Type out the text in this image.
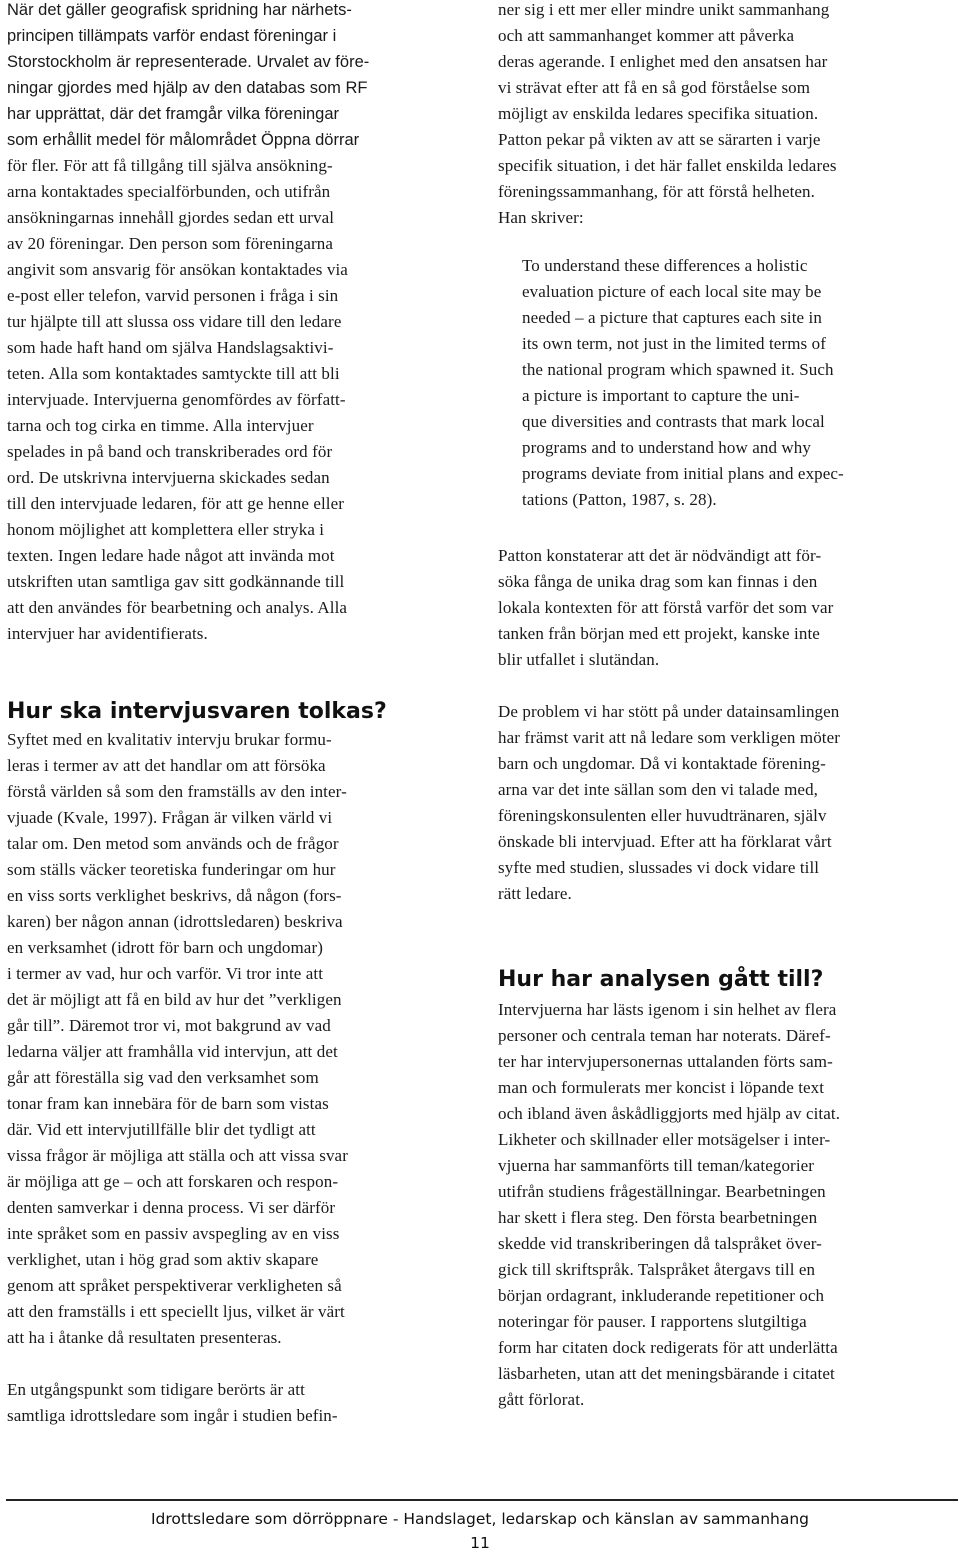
När det gäller geografisk spridning har närhets-
principen tillämpats varför endast föreningar i
Storstockholm är representerade. Urvalet av före-
ningar gjordes med hjälp av den databas som RF
har upprättat, där det framgår vilka föreningar
som erhållit medel för målområdet Öppna dörrar
för fler. För att få tillgång till själva ansökning-
arna kontaktades specialförbunden, och utifrån
ansökningarnas innehåll gjordes sedan ett urval
av 20 föreningar. Den person som föreningarna
angivit som ansvarig för ansökan kontaktades via
e-post eller telefon, varvid personen i fråga i sin
tur hjälpte till att slussa oss vidare till den ledare
som hade haft hand om själva Handslagsaktivi-
teten. Alla som kontaktades samtyckte till att bli
intervjuade. Intervjuerna genomfördes av författ-
tarna och tog cirka en timme. Alla intervjuer
spelades in på band och transkriberades ord för
ord. De utskrivna intervjuerna skickades sedan
till den intervjuade ledaren, för att ge henne eller
honom möjlighet att komplettera eller stryka i
texten. Ingen ledare hade något att invända mot
utskriften utan samtliga gav sitt godkännande till
att den användes för bearbetning och analys. Alla
intervjuer har avidentifierats.
Hur ska intervjusvaren tolkas?
Syftet med en kvalitativ intervju brukar formu-
leras i termer av att det handlar om att försöka
förstå världen så som den framställs av den inter-
vjuade (Kvale, 1997). Frågan är vilken värld vi
talar om. Den metod som används och de frågor
som ställs väcker teoretiska funderingar om hur
en viss sorts verklighet beskrivs, då någon (fors-
karen) ber någon annan (idrottsledaren) beskriva
en verksamhet (idrott för barn och ungdomar)
i termer av vad, hur och varför. Vi tror inte att
det är möjligt att få en bild av hur det ”verkligen
går till”. Däremot tror vi, mot bakgrund av vad
ledarna väljer att framhålla vid intervjun, att det
går att föreställa sig vad den verksamhet som
tonar fram kan innebära för de barn som vistas
där. Vid ett intervjutillfälle blir det tydligt att
vissa frågor är möjliga att ställa och att vissa svar
är möjliga att ge – och att forskaren och respon-
denten samverkar i denna process. Vi ser därför
inte språket som en passiv avspegling av en viss
verklighet, utan i hög grad som aktiv skapare
genom att språket perspektiverar verkligheten så
att den framställs i ett speciellt ljus, vilket är värt
att ha i åtanke då resultaten presenteras.
En utgångspunkt som tidigare berörts är att
samtliga idrottsledare som ingår i studien befin-
ner sig i ett mer eller mindre unikt sammanhang
och att sammanhanget kommer att påverka
deras agerande. I enlighet med den ansatsen har
vi strävat efter att få en så god förståelse som
möjligt av enskilda ledares specifika situation.
Patton pekar på vikten av att se särarten i varje
specifik situation, i det här fallet enskilda ledares
föreningssammanhang, för att förstå helheten.
Han skriver:
To understand these differences a holistic
evaluation picture of each local site may be
needed – a picture that captures each site in
its own term, not just in the limited terms of
the national program which spawned it. Such
a picture is important to capture the uni-
que diversities and contrasts that mark local
programs and to understand how and why
programs deviate from initial plans and expec-
tations (Patton, 1987, s. 28).
Patton konstaterar att det är nödvändigt att för-
söka fånga de unika drag som kan finnas i den
lokala kontexten för att förstå varför det som var
tanken från början med ett projekt, kanske inte
blir utfallet i slutändan.
De problem vi har stött på under datainsamlingen
har främst varit att nå ledare som verkligen möter
barn och ungdomar. Då vi kontaktade förening-
arna var det inte sällan som den vi talade med,
föreningskonsulenten eller huvudtränaren, själv
önskade bli intervjuad. Efter att ha förklarat vårt
syfte med studien, slussades vi dock vidare till
rätt ledare.
Hur har analysen gått till?
Intervjuerna har lästs igenom i sin helhet av flera
personer och centrala teman har noterats. Däref-
ter har intervjupersonernas uttalanden förts sam-
man och formulerats mer koncist i löpande text
och ibland även åskådliggjorts med hjälp av citat.
Likheter och skillnader eller motsägelser i inter-
vjuerna har sammanförts till teman/kategorier
utifrån studiens frågeställningar. Bearbetningen
har skett i flera steg. Den första bearbetningen
skedde vid transkriberingen då talspråket över-
gick till skriftspråk. Talspråket återgavs till en
början ordagrant, inkluderande repetitioner och
noteringar för pauser. I rapportens slutgiltiga
form har citaten dock redigerats för att underlätta
läsbarheten, utan att det meningsbärande i citatet
gått förlorat.
Idrottsledare som dörröppnare - Handslaget, ledarskap och känslan av sammanhang
11
